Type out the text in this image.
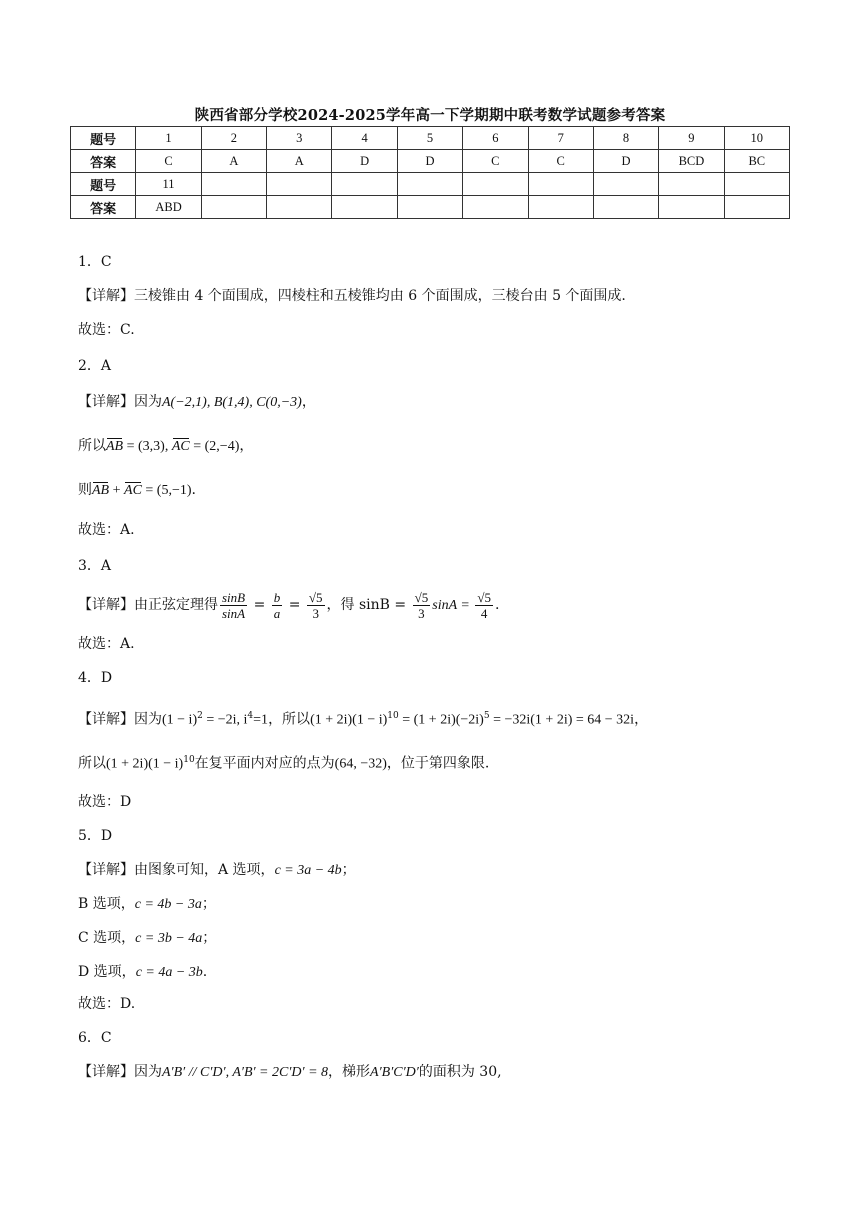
陕西省部分学校2024-2025学年高一下学期期中联考数学试题参考答案
题号	1	2	3	4	5	6	7	8	9	10
答案	C	A	A	D	D	C	C	D	BCD	BC
题号	11									
答案	ABD									
1．C
【详解】三棱锥由 4 个面围成，四棱柱和五棱锥均由 6 个面围成，三棱台由 5 个面围成.
故选：C.
2．A
【详解】因为A(−2,1), B(1,4), C(0,−3)，
所以AB = (3,3), AC = (2,−4)，
则AB + AC = (5,−1).
故选：A.
3．A
【详解】由正弦定理得 $\frac{\sin B}{\sin A} = \frac{b}{a} = \frac{√5}{3}$ ，得 $\sin B = \frac{√5}{3}$ $\sin A = \frac{√5}{4}$ .
故选：A.
4．D
【详解】因为$(1 - i)^2 = -2i$, $i^4=1$，所以$(1 + 2i)(1 - i)^{10} = (1 + 2i)(-2i)^5 = -32i(1 + 2i) = 64 - 32i$，
所以$(1 + 2i)(1 - i)^{10}$在复平面内对应的点为(64, −32)，位于第四象限.
故选：D
5．D
【详解】由图象可知，A 选项，c = 3a − 4b；
B 选项，c = 4b − 3a；
C 选项，c = 3b − 4a；
D 选项，c = 4a − 3b.
故选：D.
6．C
【详解】因为A′B′ // C′D′, A′B′ = 2C′D′ = 8，梯形A′B′C′D′的面积为 30,
